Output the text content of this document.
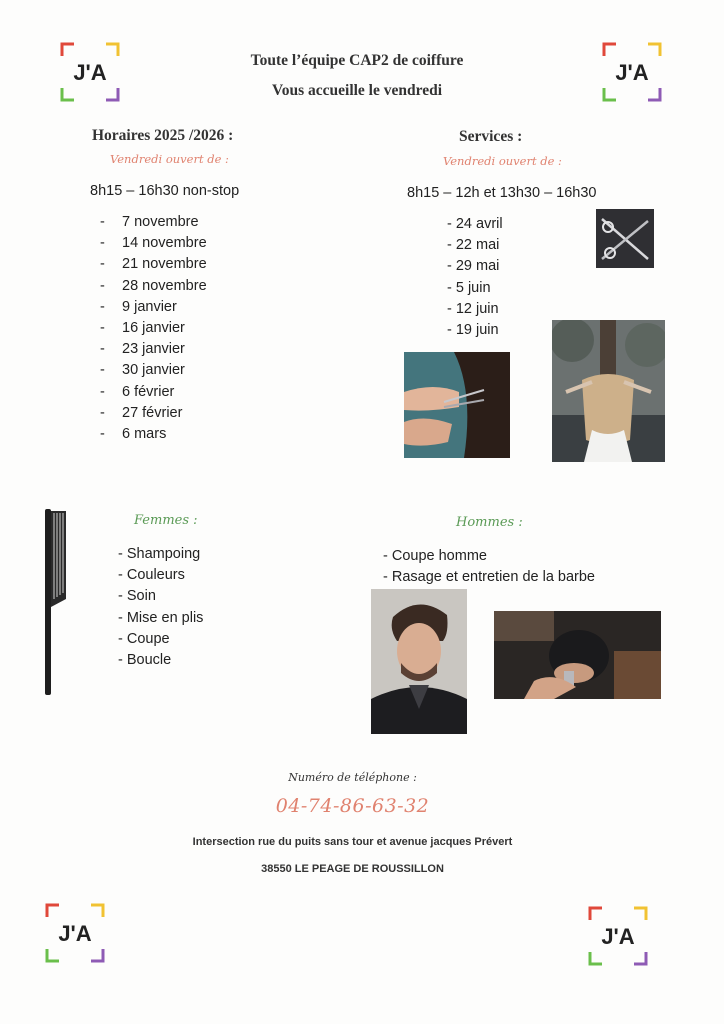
J'A	J'A
J'A	J'A
Toute l’équipe CAP2 de coiffure
Vous accueille le vendredi
Horaires 2025 /2026 :
Vendredi ouvert de :
8h15 – 16h30 non-stop
- 7 novembre
- 14 novembre
- 21 novembre
- 28 novembre
- 9 janvier
- 16 janvier
- 23 janvier
- 30 janvier
- 6 février
- 27 février
- 6 mars
Services :
Vendredi ouvert de :
8h15 – 12h et 13h30 – 16h30
- 24 avril
- 22 mai
- 29 mai
- 5 juin
- 12 juin
- 19 juin
Femmes :
- Shampoing
- Couleurs
- Soin
- Mise en plis
- Coupe
- Boucle
Hommes :
- Coupe homme
- Rasage et entretien de la barbe
Numéro de téléphone :
04-74-86-63-32
Intersection rue du puits sans tour et avenue jacques Prévert
38550 LE PEAGE DE ROUSSILLON
